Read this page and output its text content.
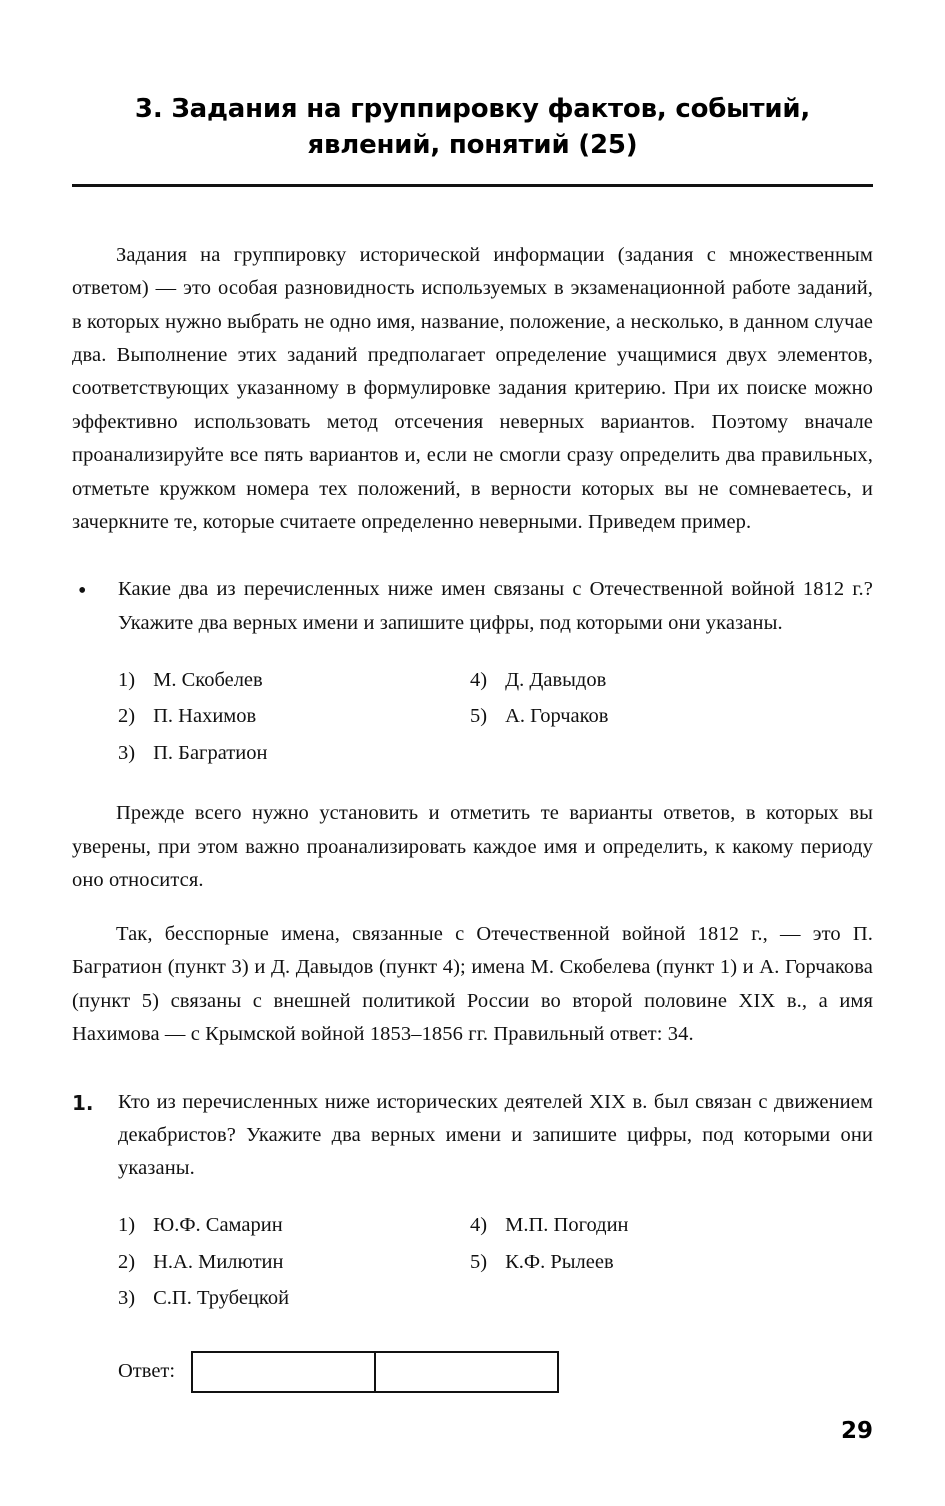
3. Задания на группировку фактов, событий,
явлений, понятий (25)

Задания на группировку исторической информации (задания с множественным ответом) — это особая разновидность используемых в экзаменационной работе заданий, в которых нужно выбрать не одно имя, название, положение, а несколько, в данном случае два. Выполнение этих заданий предполагает определение учащимися двух элементов, соответствующих указанному в формулировке задания критерию. При их поиске можно эффективно использовать метод отсечения неверных вариантов. Поэтому вначале проанализируйте все пять вариантов и, если не смогли сразу определить два правильных, отметьте кружком номера тех положений, в верности которых вы не сомневаетесь, и зачеркните те, которые считаете определенно неверными. Приведем пример.

•	Какие два из перечисленных ниже имен связаны с Отечественной войной 1812 г.? Укажите два верных имени и запишите цифры, под которыми они указаны.
1) М. Скобелев	4) Д. Давыдов
2) П. Нахимов	5) А. Горчаков
3) П. Багратион

Прежде всего нужно установить и отметить те варианты ответов, в которых вы уверены, при этом важно проанализировать каждое имя и определить, к какому периоду оно относится.

Так, бесспорные имена, связанные с Отечественной войной 1812 г., — это П. Багратион (пункт 3) и Д. Давыдов (пункт 4); имена М. Скобелева (пункт 1) и А. Горчакова (пункт 5) связаны с внешней политикой России во второй половине XIX в., а имя Нахимова — с Крымской войной 1853–1856 гг. Правильный ответ: 34.

1.	Кто из перечисленных ниже исторических деятелей XIX в. был связан с движением декабристов? Укажите два верных имени и запишите цифры, под которыми они указаны.
1) Ю.Ф. Самарин	4) М.П. Погодин
2) Н.А. Милютин	5) К.Ф. Рылеев
3) С.П. Трубецкой
Ответ:
29
